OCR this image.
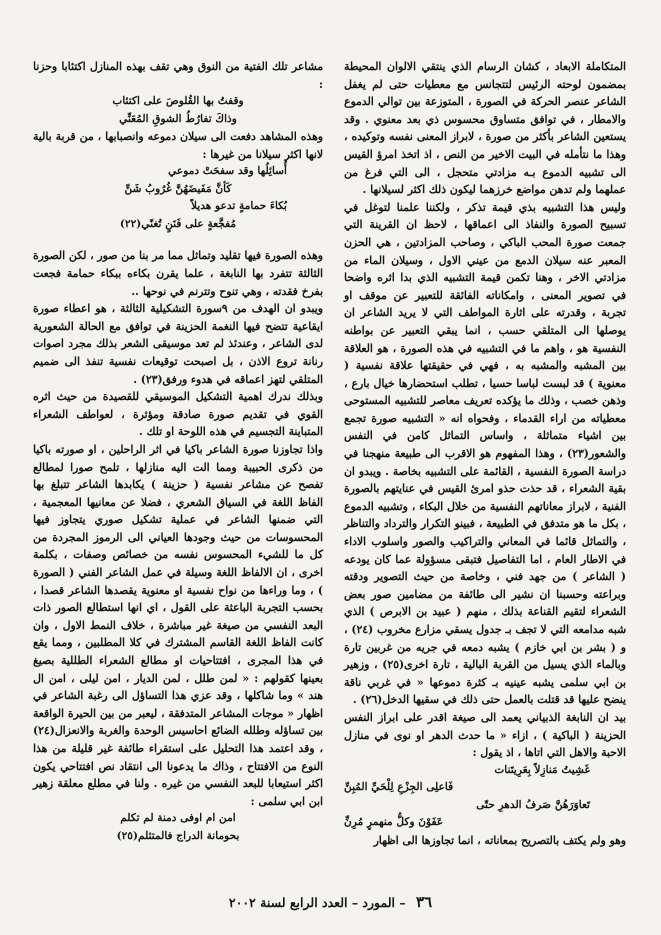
المتكاملة الابعاد ، كشان الرسام الذي ينتقي الالوان المحيطة بمضمون لوحته الرئيس لتتجانس مع معطيات حتى لم يغفل الشاعر عنصر الحركة في الصورة ، المتوزعة بين توالي الدموع والامطار ، في توافق متساوق محسوس ذي بعد معنوي . وقد يستعين الشاعر بأكثر من صورة ، لابراز المعنى نفسه وتوكيده ، وهذا ما نتأمله في البيت الاخير من النص ، اذ اتخذ امرؤ القيس الى تشبيه الدموع بـه مزادتي متحجل ، الى التي فرغ من عملهما ولم تدهن مواضع خرزهما ليكون ذلك اكثر لسيلانها .

وليس هذا التشبيه بذي قيمة تذكر ، ولكننا علمنا لتوغل في تسبيح الصورة والنفاذ الى اعماقها ، لاحظ ان القرينة التي جمعت صورة المحب الباكي ، وصاحب المزادتين ، هي الحزن المعبر عنه سيلان الدمع من عيني الاول ، وسيلان الماء من مزادتي الاخر ، وهنا تكمن قيمة التشبيه الذي بدا اثره واضحا في تصوير المعنى ، وامكاناته الفائقة للتعبير عن موقف او تجربة ، وقدرته على اثارة المواطف التي لا يريد الشاعر ان يوصلها الى المتلقي حسب ، انما يبقي التعبير عن بواطنه النفسية هو ، واهم ما في التشبيه في هذه الصورة ، هو العلاقة بين المشبه والمشبه به ، فهي في حقيقتها علاقة نفسية ( معنوية ) قد لبست لباسا حسيا ، تطلب استحضارها خيال بارع ، وذهن خصب ، وذلك ما يؤكده تعريف معاصر للتشبيه المستوحى معطياته من اراء القدماء ، وفحواه انه « التشبيه صورة تجمع بين اشياء متماثلة ، واساس التماثل كامن في النفس والشعور(٢٣) ، وهذا المفهوم هو الاقرب الى طبيعة منهجنا في دراسة الصورة النفسية ، القائمة على التشبيه بخاصة . ويبدو ان بقية الشعراء ، قد حذت حذو امرئ القيس في عنايتهم بالصورة الفنية ، لابراز معاناتهم النفسية من خلال البكاء ، وتشبيه الدموع ، بكل ما هو متدفق في الطبيعة ، فبينو التكرار والترداد والتناظر ، والتماثل قائما في المعاني والتراكيب والصور واسلوب الاداء في الاطار العام ، اما التفاصيل فتبقى مسؤولة عما كان يودعه ( الشاعر ) من جهد فني ، وخاصة من حيث التصوير ودقته وبراعته وحسبنا ان نشير الى طائفة من مضامين صور بعض الشعراء لتقيم القناعة بذلك ، منهم ( عبيد بن الابرص ) الذي شبه مدامعه التي لا تجف بـ جدول يسقي مزارع مخروب (٢٤) ، و ( بشر بن ابي خازم ) يشبه دمعه في جريه من غربين تارة وبالماء الذي يسيل من القربة البالية ، تارة اخرى(٢٥) ، وزهير بن ابي سلمى يشبه عينيه بـ كثرة دموعها « في غربي ناقة ينضح عليها قد قتلت بالعمل حتى ذلك في سقيها الدخل(٢٦) .

بيد ان النابغة الذبياني يعمد الى صيغة اقدر على ابراز النفس الحزينة ( الباكية ) ، ازاء « ما حدث الدهر او نوى في منازل الاحبة والاهل التي اتاها ، اذ يقول :

غَشِيتُ مَنازِلاً بِعَرِيتَنات

فَاعلِى الجِزْعِ لِلْحَيِّ المُبِنِّ

تَعاوَرَهُنَّ صَرفُ الدهرِ حتّى

عَفَوْنَ وكلُّ منهمرٍ مُرِنِّ

وهو ولم يكتف بالتصريح بمعاناته ، انما تجاوزها الى اظهار

مشاعر تلك الفتية من النوق وهي تقف بهذه المنازل اكتئابا وحزنا :

وقفتُ بها القُلوصَ على اكتئاب

وذاكَ تفارُطُ الشوقِ المُعَنِّي

وهذه المشاهد دفعت الى سيلان دموعه وانصبابها ، من قربة بالية لانها اكثر سيلانا من غيرها :

أُسائِلُها وقد سفحَتْ دموعي

كَأنَّ مَفَيضَهُنَّ غُرُوبُ شَنِّ

بُكاءَ حمامةٍ تدعو هديلاً

مُفجَّعةٍ على فَنَنٍ تُغنّي(٢٢)

وهذه الصورة فيها تقليد وتماثل مما مر بنا من صور ، لكن الصورة الثالثة تتفرد بها النابغة ، علما يقرن بكاءه ببكاء حمامة فجعت بفرخ فقدته ، وهي تنوح وتترنم في نوحها ..

ويبدو ان الهدف من ٩سورة التشكيلية الثالثة ، هو اعطاء صورة ايقاعية تتضح فيها النغمة الحزينة في توافق مع الحالة الشعورية لدى الشاعر ، وعندئذ لم تعد موسيقى الشعر بذلك مجرد اصوات رنانة تروع الاذن ، بل اصبحت توقيعات نفسية تنفذ الى ضميم المتلقي لتهز اعماقه في هدوء ورفق(٢٣) .

وبذلك ندرك اهمية التشكيل الموسيقي للقصيدة من حيث اثره القوي في تقديم صورة صادقة ومؤثرة ، لعواطف الشعراء المتباينة التجسيم في هذه اللوحة او تلك .

واذا تجاوزنا صورة الشاعر باكيا في اثر الراحلين ، او صورته باكيا من ذكرى الحبيبة ومما الت اليه منازلها ، تلمح صورا لمطالع تفصح عن مشاعر نفسية ( حزينة ) يكابدها الشاعر تتبلغ بها الفاظ اللغة في السياق الشعري ، فضلا عن معانيها المعجمية ، التي ضمنها الشاعر في عملية تشكيل صوري يتجاوز فيها المحسوسات من حيث وجودها العياني الى الرموز المجردة من كل ما للشيء المحسوس نفسه من خصائص وصفات ، بكلمة اخرى ، ان الالفاظ اللغة وسيلة في عمل الشاعر الفني ( الصورة ) ، وما وراءها من نواح نفسية او معنوية يقصدها الشاعر قصدا ، بحسب التجربة الباعثة على القول ، اي انها استطالع الصور ذات البعد النفسي من صيغة غير مباشرة ، خلاف النمط الاول ، وان كانت الفاظ اللغة القاسم المشترك في كلا المطلبين ، ومما يقع في هذا المجرى ، افتتاحيات او مطالع الشعراء الطللية بصيغ بعينها كقولهم : « لمن طلل ، لمن الديار ، امن ليلى ، امن ال هند » وما شاكلها ، وقد عزي هذا التساؤل الى رغبة الشاعر في اظهار « موجات المشاعر المتدفقة ، ليعبر من بين الحيرة الواقعة بين تساؤله وطلله الضائع احاسيس الوحدة والغربة والانعزال(٢٤) ، وقد اعتمد هذا التحليل على استقراء طائفة غير قليلة من هذا النوع من الافتتاح ، وذاك ما يدعونا الى انتقاد نص افتتاحي يكون اكثر استيعابا للبعد النفسي من غيره . ولنا في مطلع معلقة زهير ابن ابي سلمى :

امن ام اوفى دمنة لم تكلم

بحومانة الدراج فالمتثلم(٢٥)

٣٦ – المورد – العدد الرابع لسنة ٢٠٠٢
